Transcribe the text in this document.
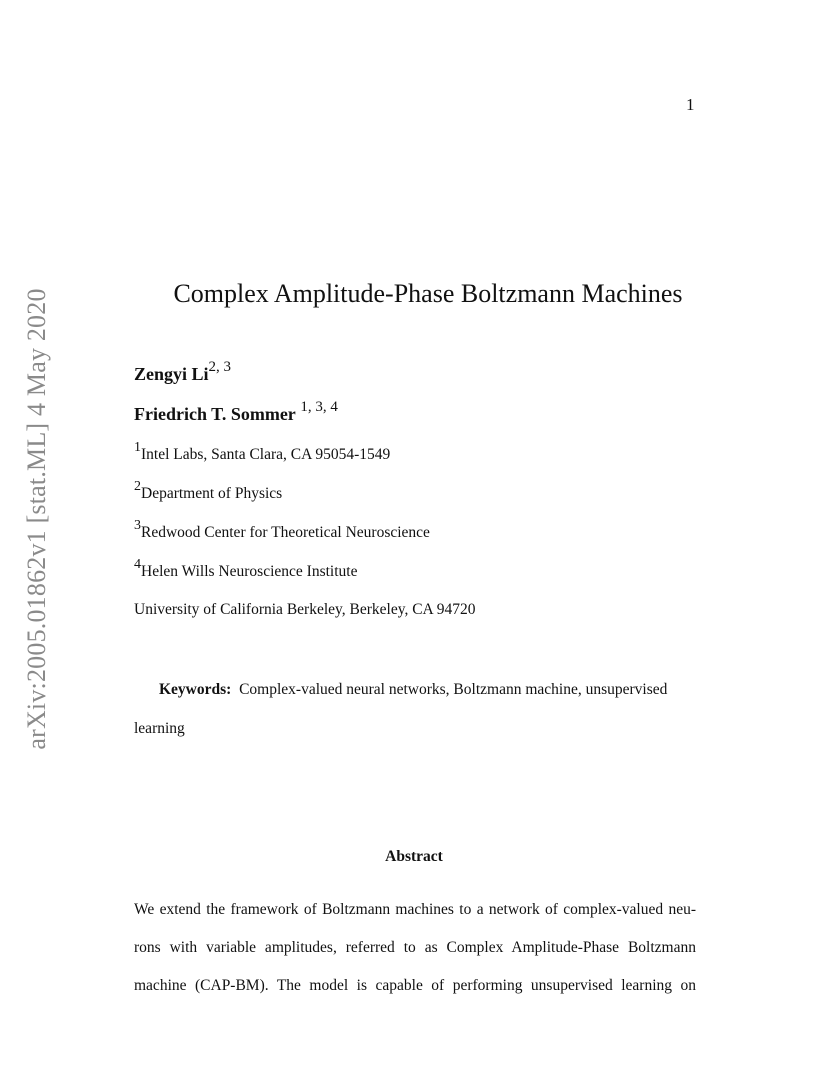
1
arXiv:2005.01862v1 [stat.ML] 4 May 2020	Complex Amplitude-Phase Boltzmann Machines
Zengyi Li$^{2, 3}$
Friedrich T. Sommer $^{1, 3, 4}$
$^1$Intel Labs, Santa Clara, CA 95054-1549
$^2$Department of Physics
$^3$Redwood Center for Theoretical Neuroscience
$^4$Helen Wills Neuroscience Institute
University of California Berkeley, Berkeley, CA 94720
Keywords: Complex-valued neural networks, Boltzmann machine, unsupervised
learning
Abstract
We extend the framework of Boltzmann machines to a network of complex-valued neu-
rons with variable amplitudes, referred to as Complex Amplitude-Phase Boltzmann
machine (CAP-BM). The model is capable of performing unsupervised learning on
